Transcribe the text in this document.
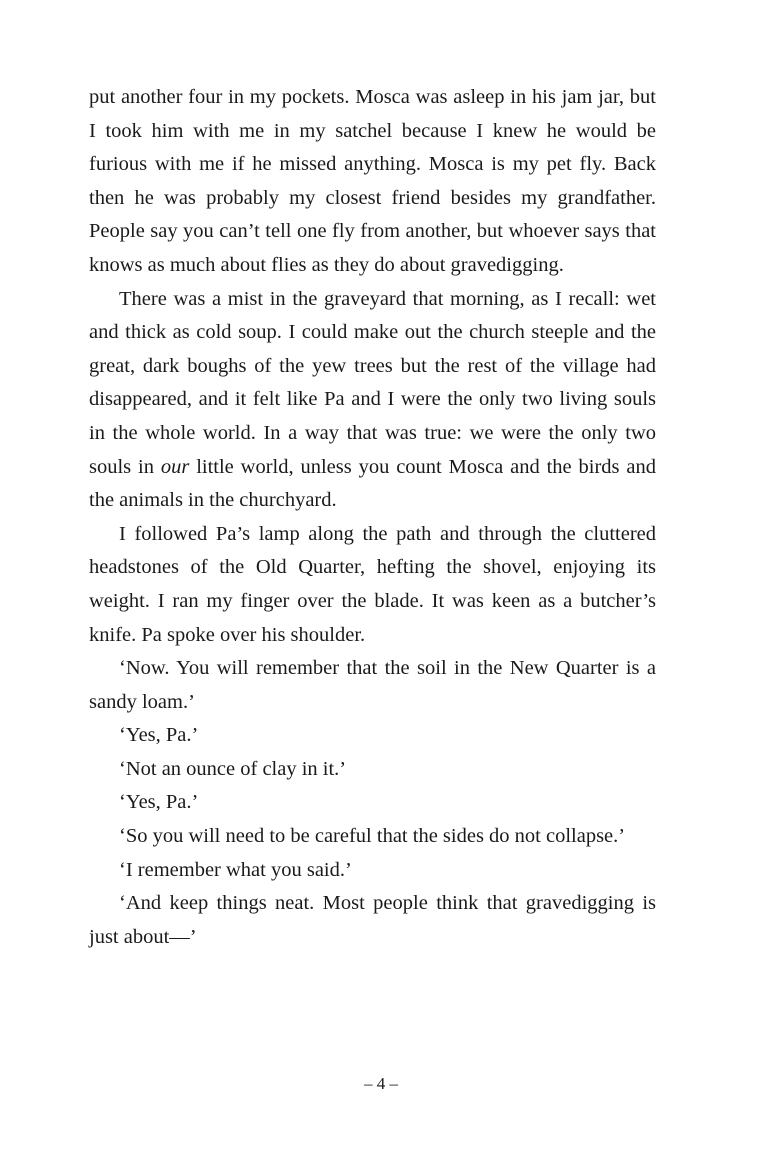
put another four in my pockets. Mosca was asleep in his jam jar, but I took him with me in my satchel because I knew he would be furious with me if he missed anything. Mosca is my pet fly. Back then he was probably my closest friend besides my grandfather. People say you can’t tell one fly from another, but whoever says that knows as much about flies as they do about gravedigging.

There was a mist in the graveyard that morning, as I recall: wet and thick as cold soup. I could make out the church steeple and the great, dark boughs of the yew trees but the rest of the village had disappeared, and it felt like Pa and I were the only two living souls in the whole world. In a way that was true: we were the only two souls in our little world, unless you count Mosca and the birds and the animals in the churchyard.

I followed Pa’s lamp along the path and through the cluttered headstones of the Old Quarter, hefting the shovel, enjoying its weight. I ran my finger over the blade. It was keen as a butcher’s knife. Pa spoke over his shoulder.

‘Now. You will remember that the soil in the New Quarter is a sandy loam.’

‘Yes, Pa.’

‘Not an ounce of clay in it.’

‘Yes, Pa.’

‘So you will need to be careful that the sides do not collapse.’

‘I remember what you said.’

‘And keep things neat. Most people think that gravedigging is just about—’

– 4 –
